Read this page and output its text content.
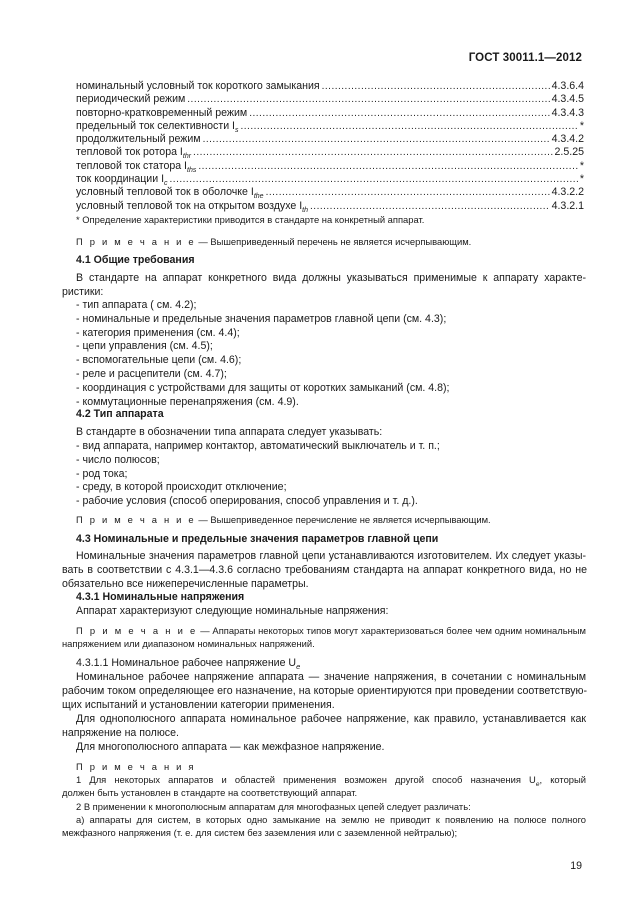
ГОСТ 30011.1—2012
номинальный условный ток короткого замыкания .....	4.3.6.4
периодический режим .....	4.3.4.5
повторно-кратковременный режим .....	4.3.4.3
предельный ток селективности $I_s$ .....	*
продолжительный режим .....	4.3.4.2
тепловой ток ротора $I_{thr}$ .....	2.5.25
тепловой ток статора $I_{ths}$ .....	*
ток координации $I_c$ .....	*
условный тепловой ток в оболочке $I_{the}$ .....	4.3.2.2
условный тепловой ток на открытом воздухе $I_{th}$ .....	4.3.2.1
* Определение характеристики приводится в стандарте на конкретный аппарат.
П р и м е ч а н и е — Вышеприведенный перечень не является исчерпывающим.
4.1 Общие требования
В стандарте на аппарат конкретного вида должны указываться применимые к аппарату характе-
ристики:
- тип аппарата ( см. 4.2);
- номинальные и предельные значения параметров главной цепи (см. 4.3);
- категория применения (см. 4.4);
- цепи управления (см. 4.5);
- вспомогательные цепи (см. 4.6);
- реле и расцепители (см. 4.7);
- координация с устройствами для защиты от коротких замыканий (см. 4.8);
- коммутационные перенапряжения (см. 4.9).
4.2 Тип аппарата
В стандарте в обозначении типа аппарата следует указывать:
- вид аппарата, например контактор, автоматический выключатель и т. п.;
- число полюсов;
- род тока;
- среду, в которой происходит отключение;
- рабочие условия (способ оперирования, способ управления и т. д.).
П р и м е ч а н и е — Вышеприведенное перечисление не является исчерпывающим.
4.3 Номинальные и предельные значения параметров главной цепи
Номинальные значения параметров главной цепи устанавливаются изготовителем. Их следует указы-
вать в соответствии с 4.3.1—4.3.6 согласно требованиям стандарта на аппарат конкретного вида, но не
обязательно все нижеперечисленные параметры.
4.3.1 Номинальные напряжения
Аппарат характеризуют следующие номинальные напряжения:
П р и м е ч а н и е — Аппараты некоторых типов могут характеризоваться более чем одним номинальным
напряжением или диапазоном номинальных напряжений.
4.3.1.1 Номинальное рабочее напряжение $U_e$
Номинальное рабочее напряжение аппарата — значение напряжения, в сочетании с номинальным
рабочим током определяющее его назначение, на которые ориентируются при проведении соответствую-
щих испытаний и установлении категории применения.
Для однополюсного аппарата номинальное рабочее напряжение, как правило, устанавливается как
напряжение на полюсе.
Для многополюсного аппарата — как межфазное напряжение.
П р и м е ч а н и я
1 Для некоторых аппаратов и областей применения возможен другой способ назначения $U_e$, который
должен быть установлен в стандарте на соответствующий аппарат.
2 В применении к многополюсным аппаратам для многофазных цепей следует различать:
а) аппараты для систем, в которых одно замыкание на землю не приводит к появлению на полюсе полного
межфазного напряжения (т. е. для систем без заземления или с заземленной нейтралью);
19
